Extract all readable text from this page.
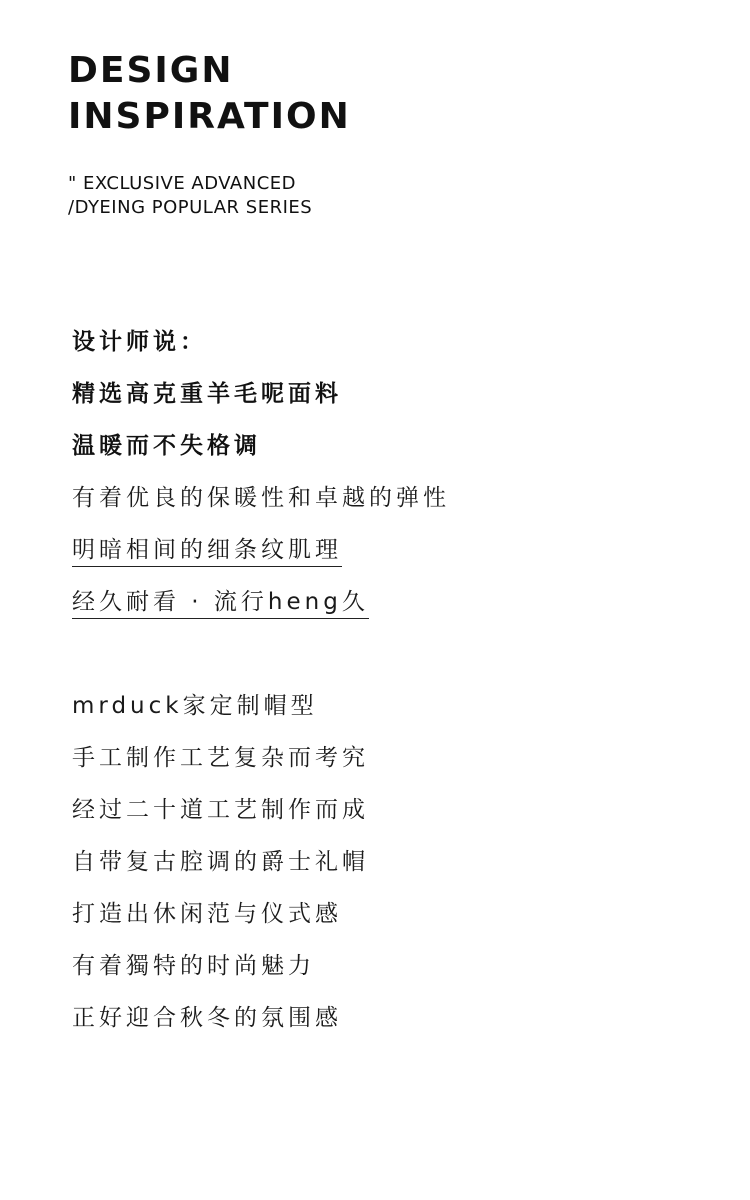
DESIGN
INSPIRATION

" EXCLUSIVE ADVANCED
/DYEING POPULAR SERIES

设计师说：
精选高克重羊毛呢面料
温暖而不失格调
有着优良的保暖性和卓越的弹性
明暗相间的细条纹肌理
经久耐看 · 流行heng久
mrduck家定制帽型
手工制作工艺复杂而考究
经过二十道工艺制作而成
自带复古腔调的爵士礼帽
打造出休闲范与仪式感
有着獨特的时尚魅力
正好迎合秋冬的氛围感
